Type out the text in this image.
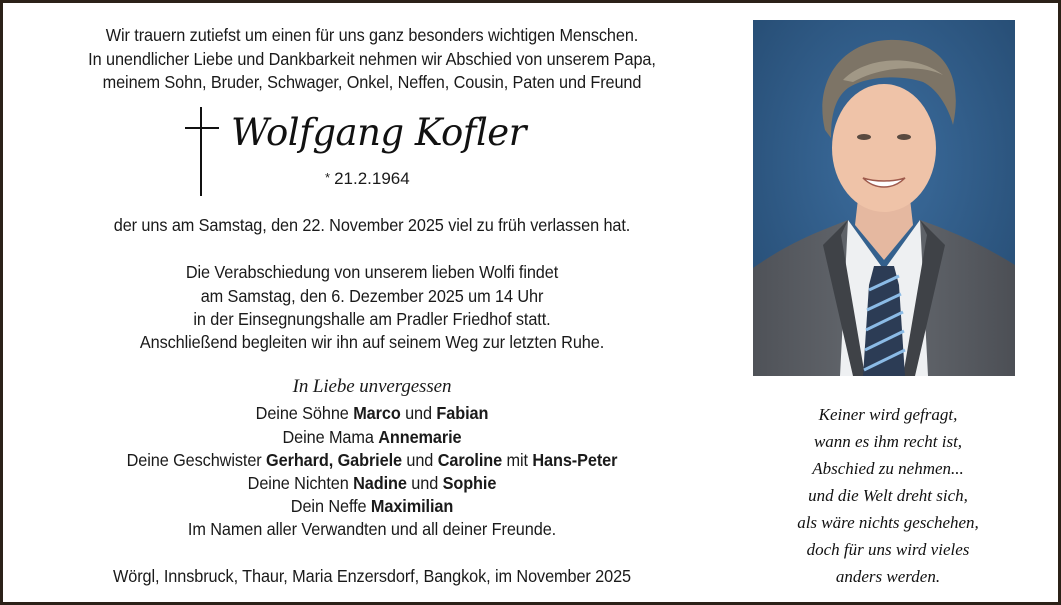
Wir trauern zutiefst um einen für uns ganz besonders wichtigen Menschen.
In unendlicher Liebe und Dankbarkeit nehmen wir Abschied von unserem Papa,
meinem Sohn, Bruder, Schwager, Onkel, Neffen, Cousin, Paten und Freund
Wolfgang Kofler
* 21.2.1964
der uns am Samstag, den 22. November 2025 viel zu früh verlassen hat.
Die Verabschiedung von unserem lieben Wolfi findet
am Samstag, den 6. Dezember 2025 um 14 Uhr
in der Einsegnungshalle am Pradler Friedhof statt.
Anschließend begleiten wir ihn auf seinem Weg zur letzten Ruhe.
In Liebe unvergessen
Deine Söhne Marco und Fabian
Deine Mama Annemarie
Deine Geschwister Gerhard, Gabriele und Caroline mit Hans-Peter
Deine Nichten Nadine und Sophie
Dein Neffe Maximilian
Im Namen aller Verwandten und all deiner Freunde.
Wörgl, Innsbruck, Thaur, Maria Enzersdorf, Bangkok, im November 2025
Keiner wird gefragt,
wann es ihm recht ist,
Abschied zu nehmen...
und die Welt dreht sich,
als wäre nichts geschehen,
doch für uns wird vieles
anders werden.
